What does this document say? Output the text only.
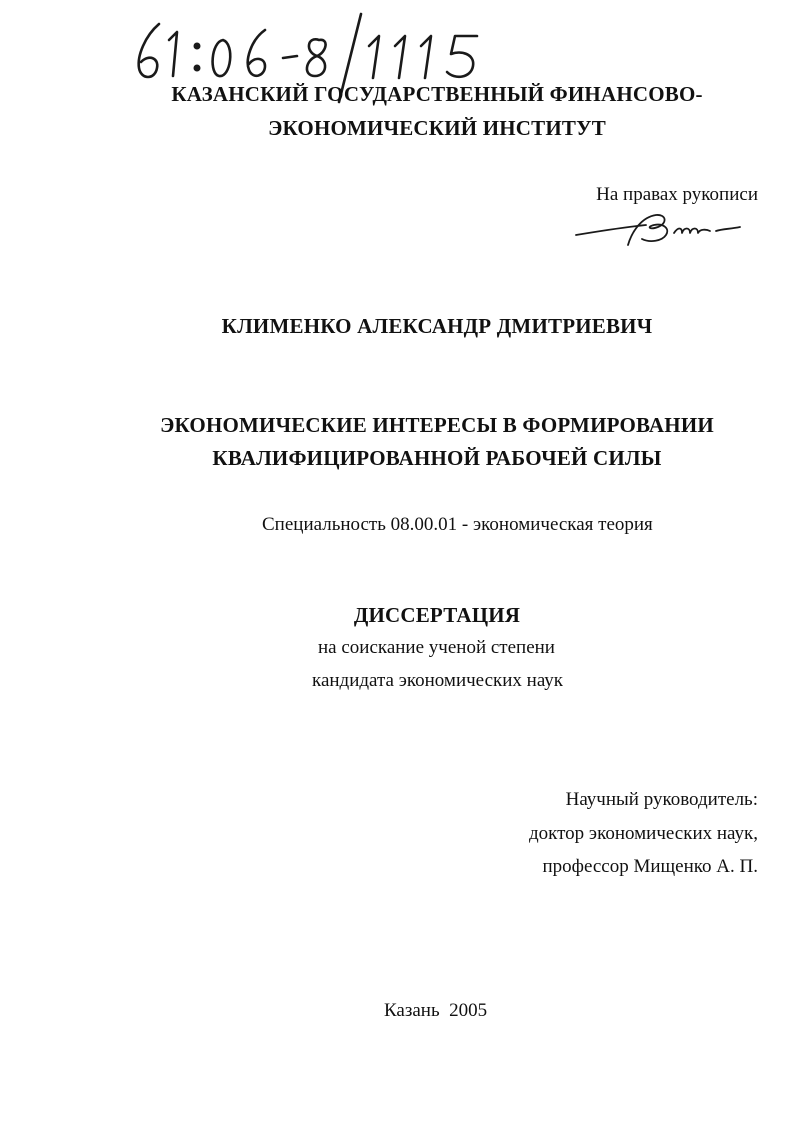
КАЗАНСКИЙ ГОСУДАРСТВЕННЫЙ ФИНАНСОВО-
ЭКОНОМИЧЕСКИЙ ИНСТИТУТ
На правах рукописи
КЛИМЕНКО АЛЕКСАНДР ДМИТРИЕВИЧ
ЭКОНОМИЧЕСКИЕ ИНТЕРЕСЫ В ФОРМИРОВАНИИ
КВАЛИФИЦИРОВАННОЙ РАБОЧЕЙ СИЛЫ
Специальность 08.00.01 - экономическая теория
ДИССЕРТАЦИЯ
на соискание ученой степени
кандидата экономических наук
Научный руководитель:
доктор экономических наук,
профессор Мищенко А. П.
Казань  2005
